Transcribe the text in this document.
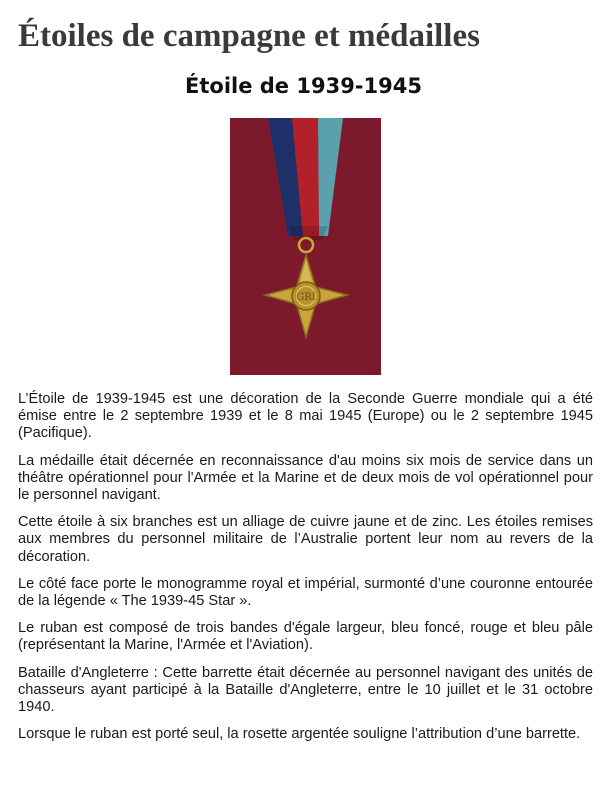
Étoiles de campagne et médailles
Étoile de 1939-1945
GRI

L’Étoile de 1939-1945 est une décoration de la Seconde Guerre mondiale qui a été émise entre le 2 septembre 1939 et le 8 mai 1945 (Europe) ou le 2 septembre 1945 (Pacifique).

La médaille était décernée en reconnaissance d'au moins six mois de service dans un théâtre opérationnel pour l'Armée et la Marine et de deux mois de vol opérationnel pour le personnel navigant.

Cette étoile à six branches est un alliage de cuivre jaune et de zinc. Les étoiles remises aux membres du personnel militaire de l’Australie portent leur nom au revers de la décoration.

Le côté face porte le monogramme royal et impérial, surmonté d’une couronne entourée de la légende « The 1939-45 Star ».

Le ruban est composé de trois bandes d'égale largeur, bleu foncé, rouge et bleu pâle (représentant la Marine, l'Armée et l'Aviation).

Bataille d'Angleterre : Cette barrette était décernée au personnel navigant des unités de chasseurs ayant participé à la Bataille d'Angleterre, entre le 10 juillet et le 31 octobre 1940.

Lorsque le ruban est porté seul, la rosette argentée souligne l’attribution d’une barrette.
